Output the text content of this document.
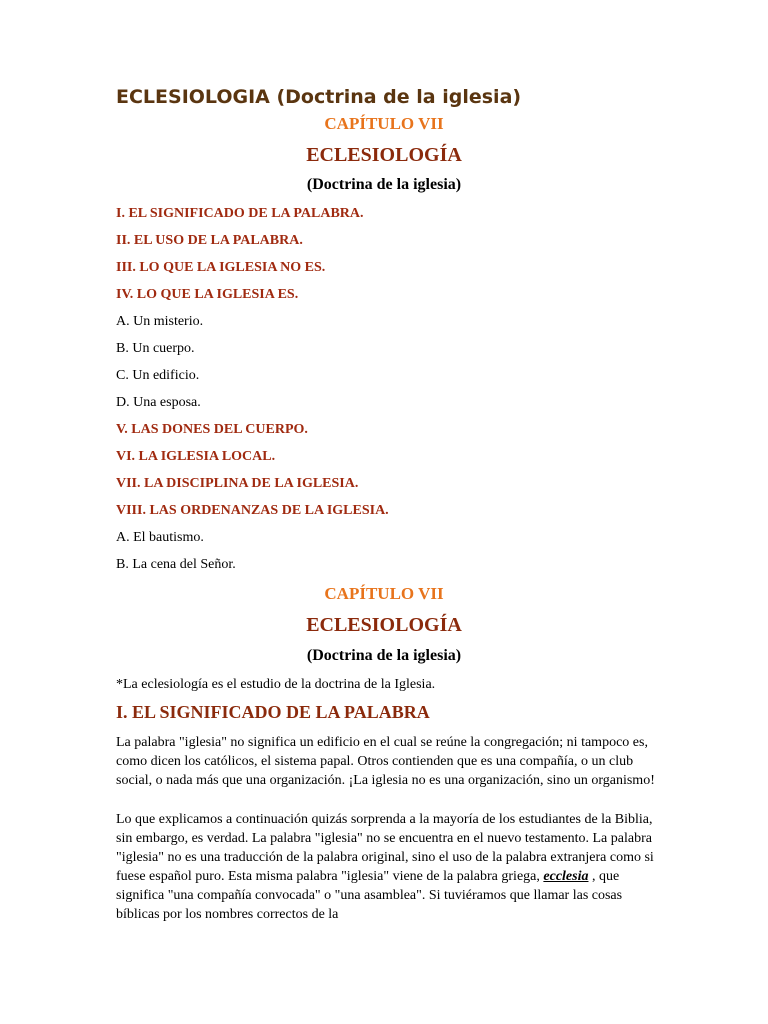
ECLESIOLOGIA (Doctrina de la iglesia)

CAPÍTULO VII

ECLESIOLOGÍA

(Doctrina de la iglesia)

I. EL SIGNIFICADO DE LA PALABRA.

II. EL USO DE LA PALABRA.

III. LO QUE LA IGLESIA NO ES.

IV. LO QUE LA IGLESIA ES.

A. Un misterio.

B. Un cuerpo.

C. Un edificio.

D. Una esposa.

V. LAS DONES DEL CUERPO.

VI. LA IGLESIA LOCAL.

VII. LA DISCIPLINA DE LA IGLESIA.

VIII. LAS ORDENANZAS DE LA IGLESIA.

A. El bautismo.

B. La cena del Señor.

CAPÍTULO VII

ECLESIOLOGÍA

(Doctrina de la iglesia)

*La eclesiología es el estudio de la doctrina de la Iglesia.

I. EL SIGNIFICADO DE LA PALABRA

La palabra "iglesia" no significa un edificio en el cual se reúne la congregación; ni tampoco es, como dicen los católicos, el sistema papal. Otros contienden que es una compañía, o un club social, o nada más que una organización. ¡La iglesia no es una organización, sino un organismo!

Lo que explicamos a continuación quizás sorprenda a la mayoría de los estudiantes de la Biblia, sin embargo, es verdad. La palabra "iglesia" no se encuentra en el nuevo testamento. La palabra "iglesia" no es una traducción de la palabra original, sino el uso de la palabra extranjera como si fuese español puro. Esta misma palabra "iglesia" viene de la palabra griega, ecclesia , que significa "una compañía convocada" o "una asamblea". Si tuviéramos que llamar las cosas bíblicas por los nombres correctos de la
